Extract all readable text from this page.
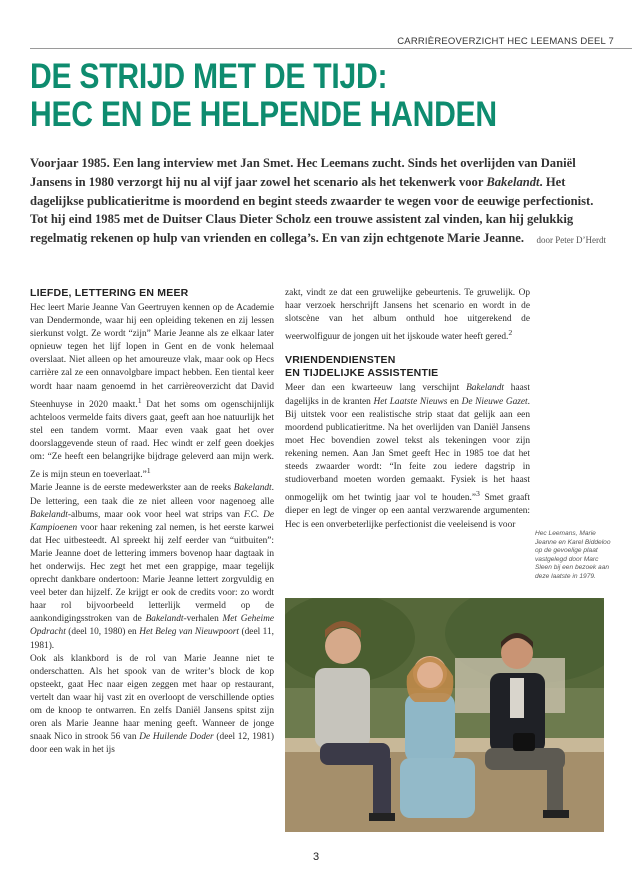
CARRIÈREOVERZICHT HEC LEEMANS DEEL 7
DE STRIJD MET DE TIJD:
HEC EN DE HELPENDE HANDEN

Voorjaar 1985. Een lang interview met Jan Smet. Hec Leemans zucht. Sinds het overlijden van Daniël Jansens in 1980 verzorgt hij nu al vijf jaar zowel het scenario als het tekenwerk voor Bakelandt. Het dagelijkse publicatieritme is moordend en begint steeds zwaarder te wegen voor de eeuwige perfectionist. Tot hij eind 1985 met de Duitser Claus Dieter Scholz een trouwe assistent zal vinden, kan hij gelukkig regelmatig rekenen op hulp van vrienden en collega’s. En van zijn echtgenote Marie Jeanne. door Peter D’Herdt

LIEFDE, LETTERING EN MEER

Hec leert Marie Jeanne Van Geertruyen kennen op de Academie van Dendermonde, waar hij een opleiding tekenen en zij lessen sierkunst volgt. Ze wordt “zijn” Marie Jeanne als ze elkaar later opnieuw tegen het lijf lopen in Gent en de vonk helemaal overslaat. Niet alleen op het amoureuze vlak, maar ook op Hecs carrière zal ze een onnavolgbare impact hebben. Een tiental keer wordt haar naam genoemd in het carrièreoverzicht dat David Steenhuyse in 2020 maakt.$^1$ Dat het soms om ogenschijnlijk achteloos vermelde faits divers gaat, geeft aan hoe natuurlijk het stel een tandem vormt. Maar even vaak gaat het over doorslaggevende steun of raad. Hec windt er zelf geen doekjes om: “Ze heeft een belangrijke bijdrage geleverd aan mijn werk. Ze is mijn steun en toeverlaat.”$^1$

Marie Jeanne is de eerste medewerkster aan de reeks Bakelandt. De lettering, een taak die ze niet alleen voor nagenoeg alle Bakelandt-albums, maar ook voor heel wat strips van F.C. De Kampioenen voor haar rekening zal nemen, is het eerste karwei dat Hec uitbesteedt. Al spreekt hij zelf eerder van “uitbuiten”: Marie Jeanne doet de lettering immers bovenop haar dagtaak in het onderwijs. Hec zegt het met een grappige, maar tegelijk oprecht dankbare ondertoon: Marie Jeanne lettert zorgvuldig en veel beter dan hijzelf. Ze krijgt er ook de credits voor: zo wordt haar rol bijvoorbeeld letterlijk vermeld op de aankondigingsstroken van de Bakelandt-verhalen Met Geheime Opdracht (deel 10, 1980) en Het Beleg van Nieuwpoort (deel 11, 1981).

Ook als klankbord is de rol van Marie Jeanne niet te onderschatten. Als het spook van de writer’s block de kop opsteekt, gaat Hec naar eigen zeggen met haar op restaurant, vertelt dan waar hij vast zit en overloopt de verschillende opties om de knoop te ontwarren. En zelfs Daniël Jansens spitst zijn oren als Marie Jeanne haar mening geeft. Wanneer de jonge snaak Nico in strook 56 van De Huilende Doder (deel 12, 1981) door een wak in het ijs

zakt, vindt ze dat een gruwelijke gebeurtenis. Te gruwelijk. Op haar verzoek herschrijft Jansens het scenario en wordt in de slotscène van het album onthuld hoe uitgerekend de weerwolfiguur de jongen uit het ijskoude water heeft gered.$^2$

VRIENDENDIENSTEN
EN TIJDELIJKE ASSISTENTIE

Meer dan een kwarteeuw lang verschijnt Bakelandt haast dagelijks in de kranten Het Laatste Nieuws en De Nieuwe Gazet. Bij uitstek voor een realistische strip staat dat gelijk aan een moordend publicatieritme. Na het overlijden van Daniël Jansens moet Hec bovendien zowel tekst als tekeningen voor zijn rekening nemen. Aan Jan Smet geeft Hec in 1985 toe dat het steeds zwaarder wordt: “In feite zou iedere dagstrip in studioverband moeten worden gemaakt. Fysiek is het haast onmogelijk om het twintig jaar vol te houden.”$^3$ Smet graaft dieper en legt de vinger op een aantal verzwarende argumenten: Hec is een onverbeterlijke perfectionist die veeleisend is voor

Hec Leemans, Marie Jeanne en Karel Biddeloo op de gevoelige plaat vastgelegd door Marc Sleen bij een bezoek aan deze laatste in 1979.
3
